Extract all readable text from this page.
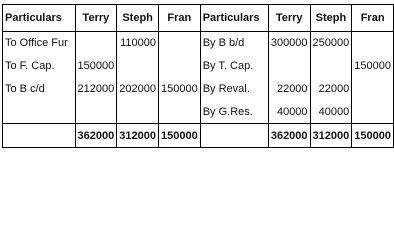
Particulars	Terry	Steph	Fran	Particulars	Terry	Steph	Fran
To Office Fur		110000		By B b/d	300000	250000	
To F. Cap.	150000			By T. Cap.			150000
To B c/d	212000	202000	150000	By Reval.	22000	22000	
				By G.Res.	40000	40000	
	362000	312000	150000		362000	312000	150000
